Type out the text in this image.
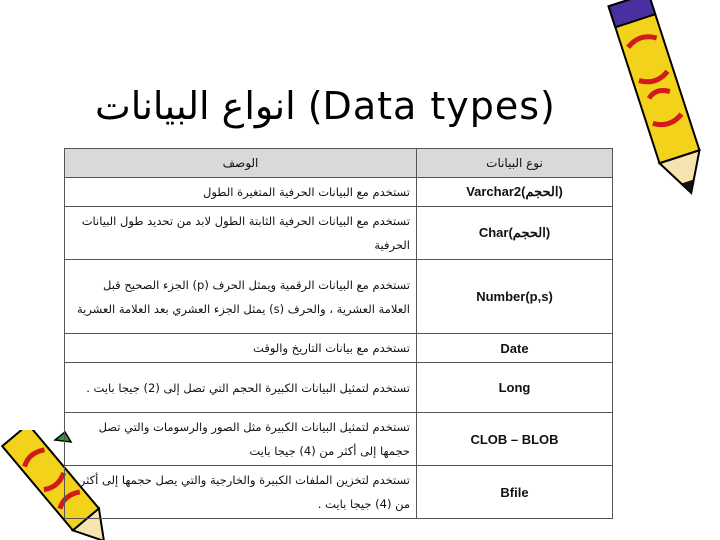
انواع البيانات (Data types)
الوصف	نوع البيانات
تستخدم مع البيانات الحرفية المتغيرة الطول	Varchar2(الحجم)
تستخدم مع البيانات الحرفية الثابتة الطول لابد من تحديد طول البيانات الحرفية	Char(الحجم)
تستخدم مع البيانات الرقمية ويمثل الحرف (p) الجزء الصحيح قبل العلامة العشرية ، والحرف (s) يمثل الجزء العشري بعد العلامة العشرية	Number(p,s)
تستخدم مع بيانات التاريخ والوقت	Date
تستخدم لتمثيل البيانات الكبيرة الحجم التي تصل إلى (2) جيجا بايت .	Long
تستخدم لتمثيل البيانات الكبيرة مثل الصور والرسومات والتي تصل حجمها إلى أكثر من (4) جيجا بايت	CLOB – BLOB
تستخدم لتخزين الملفات الكبيرة والخارجية والتي يصل حجمها إلى أكثر من (4) جيجا بايت .	Bfile
